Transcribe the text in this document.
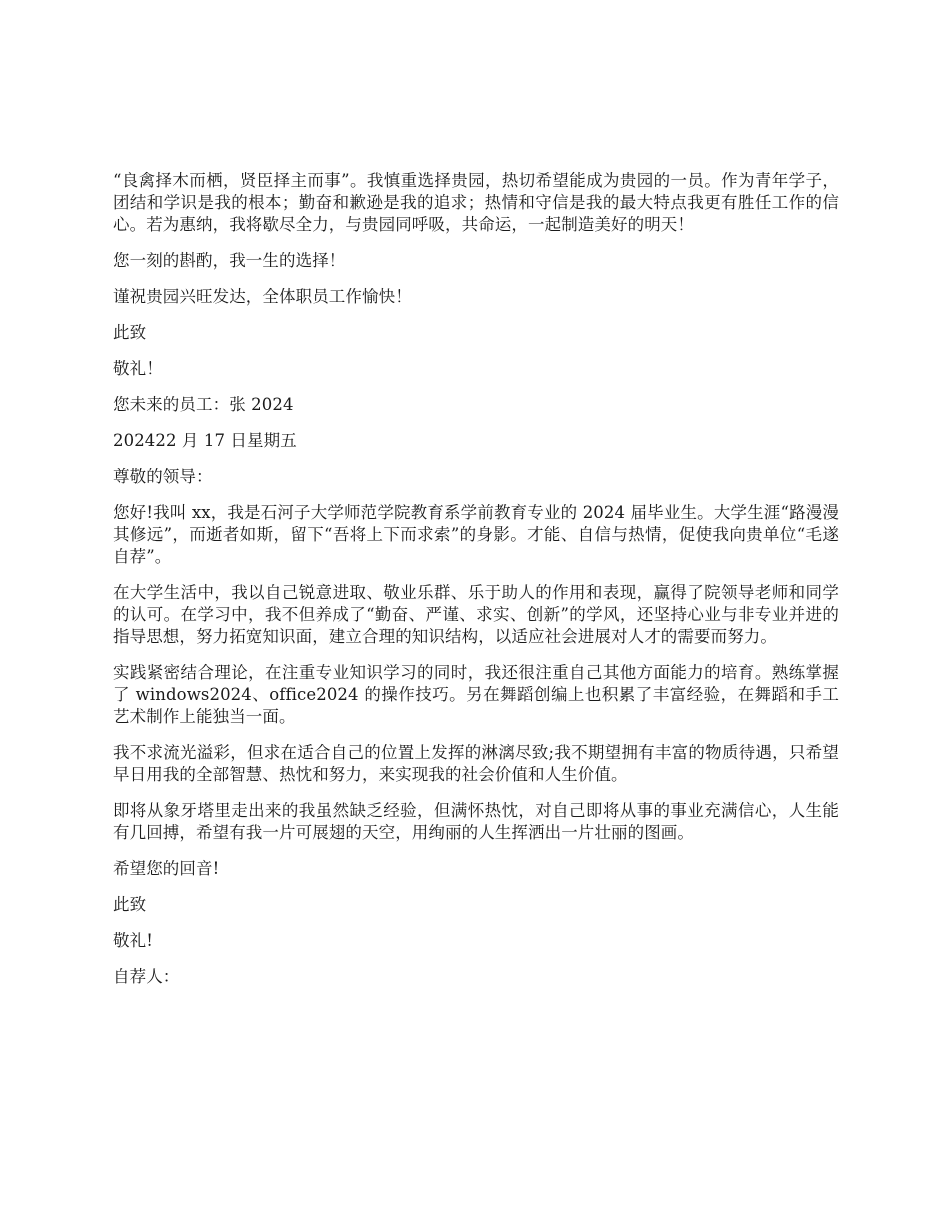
“良禽择木而栖，贤臣择主而事”。我慎重选择贵园，热切希望能成为贵园的一员。作为青年学子，团结和学识是我的根本；勤奋和歉逊是我的追求；热情和守信是我的最大特点我更有胜任工作的信心。若为惠纳，我将歇尽全力，与贵园同呼吸，共命运，一起制造美好的明天！

您一刻的斟酌，我一生的选择！

谨祝贵园兴旺发达，全体职员工作愉快！

此致

敬礼！

您未来的员工：张 2024

202422 月 17 日星期五

尊敬的领导：

您好!我叫 xx，我是石河子大学师范学院教育系学前教育专业的 2024 届毕业生。大学生涯“路漫漫其修远”，而逝者如斯，留下“吾将上下而求索”的身影。才能、自信与热情，促使我向贵单位“毛遂自荐”。

在大学生活中，我以自己锐意进取、敬业乐群、乐于助人的作用和表现，赢得了院领导老师和同学的认可。在学习中，我不但养成了“勤奋、严谨、求实、创新”的学风，还坚持心业与非专业并进的指导思想，努力拓宽知识面，建立合理的知识结构，以适应社会进展对人才的需要而努力。

实践紧密结合理论，在注重专业知识学习的同时，我还很注重自己其他方面能力的培育。熟练掌握了 windows2024、office2024 的操作技巧。另在舞蹈创编上也积累了丰富经验，在舞蹈和手工艺术制作上能独当一面。

我不求流光溢彩，但求在适合自己的位置上发挥的淋漓尽致;我不期望拥有丰富的物质待遇，只希望早日用我的全部智慧、热忱和努力，来实现我的社会价值和人生价值。

即将从象牙塔里走出来的我虽然缺乏经验，但满怀热忱，对自己即将从事的事业充满信心，人生能有几回搏，希望有我一片可展翅的天空，用绚丽的人生挥洒出一片壮丽的图画。

希望您的回音!

此致

敬礼!

自荐人：
